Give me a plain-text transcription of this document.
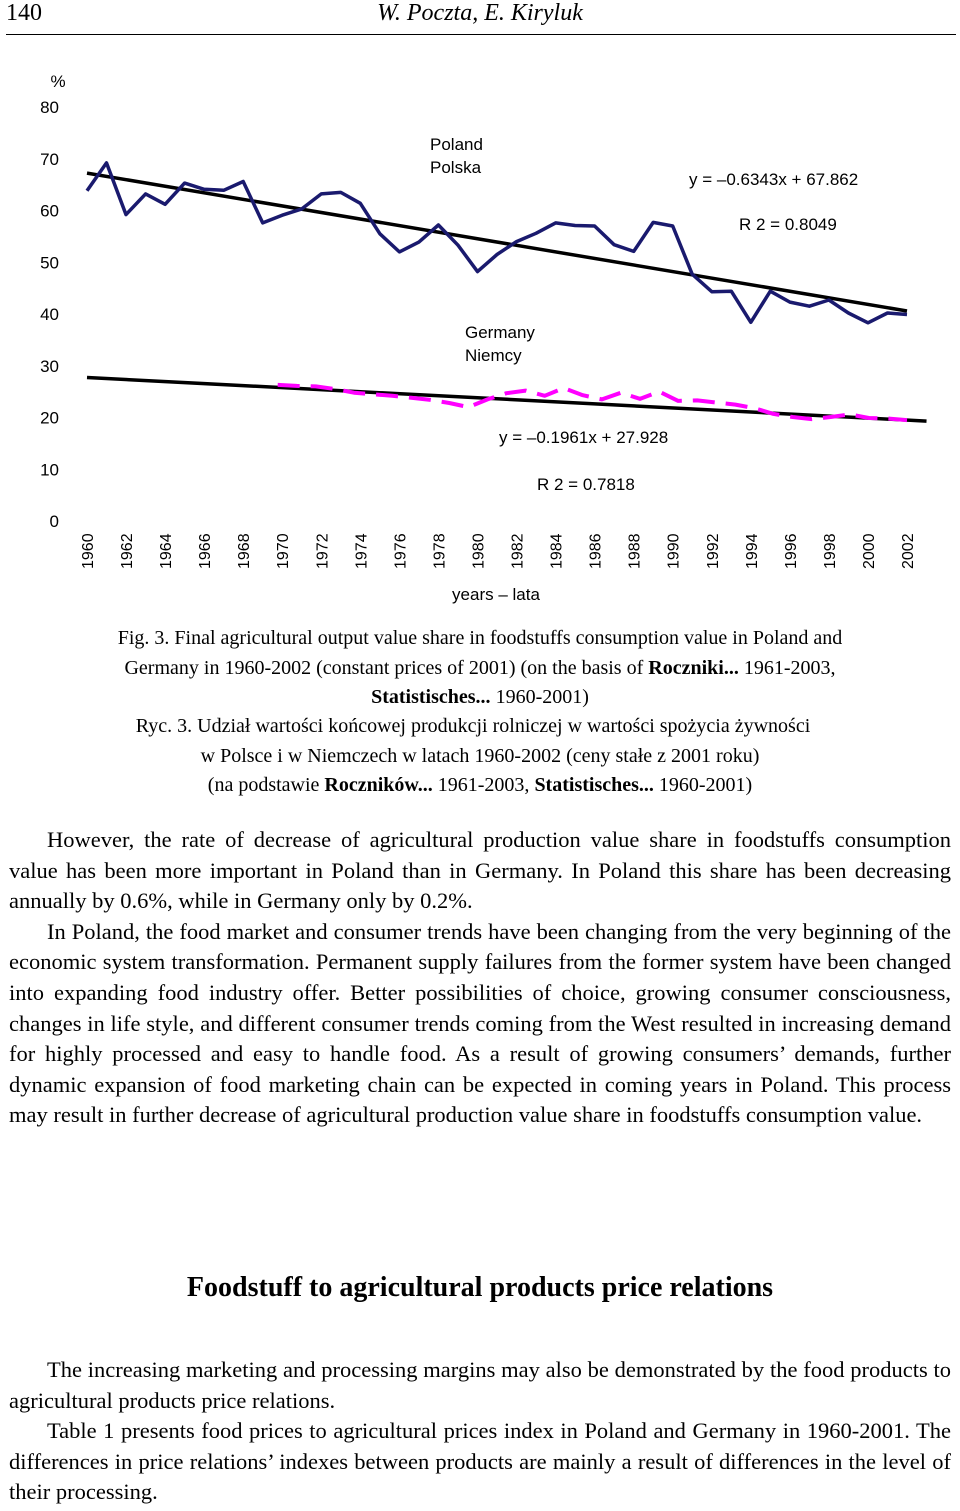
140	W. Poczta, E. Kiryluk
0
10
20
30
40
50
60
70
80
%
1960 1962 1964 1966 1968 1970 1972 1974 1976 1978 1980 1982 1984 1986 1988 1990 1992 1994 1996 1998 2000 2002
Poland
Polska
Germany
Niemcy
y = –0.6343x + 67.862
R 2 = 0.8049
y = –0.1961x + 27.928
R 2 = 0.7818
years – lata
Fig. 3. Final agricultural output value share in foodstuffs consumption value in Poland and
Germany in 1960-2002 (constant prices of 2001) (on the basis of Roczniki... 1961-2003,
Statistisches... 1960-2001)
Ryc. 3. Udział wartości końcowej produkcji rolniczej w wartości spożycia żywności
w Polsce i w Niemczech w latach 1960-2002 (ceny stałe z 2001 roku)
(na podstawie Roczników... 1961-2003, Statistisches... 1960-2001)

However, the rate of decrease of agricultural production value share in foodstuffs consumption value has been more important in Poland than in Germany. In Poland this share has been decreasing annually by 0.6%, while in Germany only by 0.2%.

In Poland, the food market and consumer trends have been changing from the very beginning of the economic system transformation. Permanent supply failures from the former system have been changed into expanding food industry offer. Better possibilities of choice, growing consumer consciousness, changes in life style, and different consumer trends coming from the West resulted in increasing demand for highly processed and easy to handle food. As a result of growing consumers’ demands, further dynamic expansion of food marketing chain can be expected in coming years in Poland. This process may result in further decrease of agricultural production value share in foodstuffs consumption value.

Foodstuff to agricultural products price relations

The increasing marketing and processing margins may also be demonstrated by the food products to agricultural products price relations.

Table 1 presents food prices to agricultural prices index in Poland and Germany in 1960-2001. The differences in price relations’ indexes between products are mainly a result of differences in the level of their processing.
